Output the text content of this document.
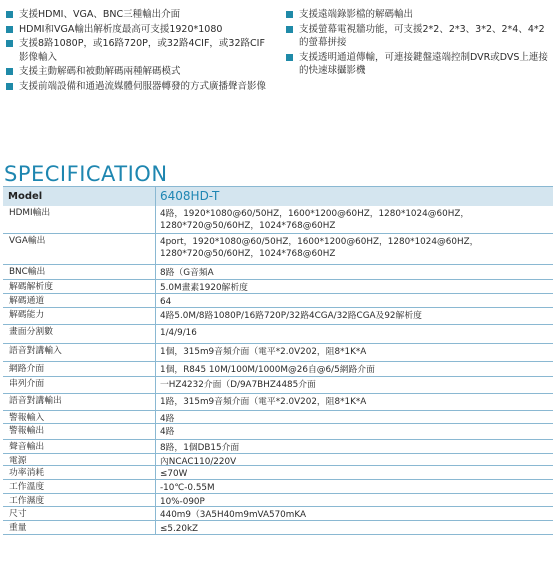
支援HDMI、VGA、BNC三種輸出介面
HDMI和VGA輸出解析度最高可支援1920*1080
支援8路1080P，或16路720P，或32路4CIF，或32路CIF影像輸入
支援主動解碼和被動解碼兩種解碼模式
支援前端設備和通過流媒體伺服器轉發的方式廣播聲音影像
支援遠端錄影檔的解碼輸出
支援螢幕電視牆功能，可支援2*2、2*3、3*2、2*4、4*2的螢幕拼接
支援透明通道傳輸，可連接鍵盤遠端控制DVR或DVS上連接的快速球攝影機
SPECIFICATION
Model	6408HD-T
HDMI輸出	4路，1920*1080@60/50HZ，1600*1200@60HZ，1280*1024@60HZ，1280*720@50/60HZ，1024*768@60HZ
VGA輸出	4port，1920*1080@60/50HZ，1600*1200@60HZ，1280*1024@60HZ，1280*720@50/60HZ，1024*768@60HZ
BNC輸出	8路（G音頻A
解碼解析度	5.0M畫素1920解析度
解碼通道	64
解碼能力	4路5.0M/8路1080P/16路720P/32路4CGA/32路CGA及92解析度
畫面分割數	1/4/9/16
語音對講輸入	1個，315m9音頻介面（電平*2.0V202，阻8*1K*A
網路介面	1個，R845 10M/100M/1000M@26自@6/5網路介面
串列介面	一HZ4232介面（D/9A7BHZ4485介面
語音對講輸出	1路，315m9音頻介面（電平*2.0V202，阻8*1K*A
警報輸入	4路
警報輸出	4路
聲音輸出	8路，1個DB15介面
電源	內NCAC110/220V
功率消耗	≤70W
工作溫度	-10℃-0.55M
工作濕度	10%-090P
尺寸	440m9（3A5H40m9mVA570mKA
重量	≤5.20kZ
